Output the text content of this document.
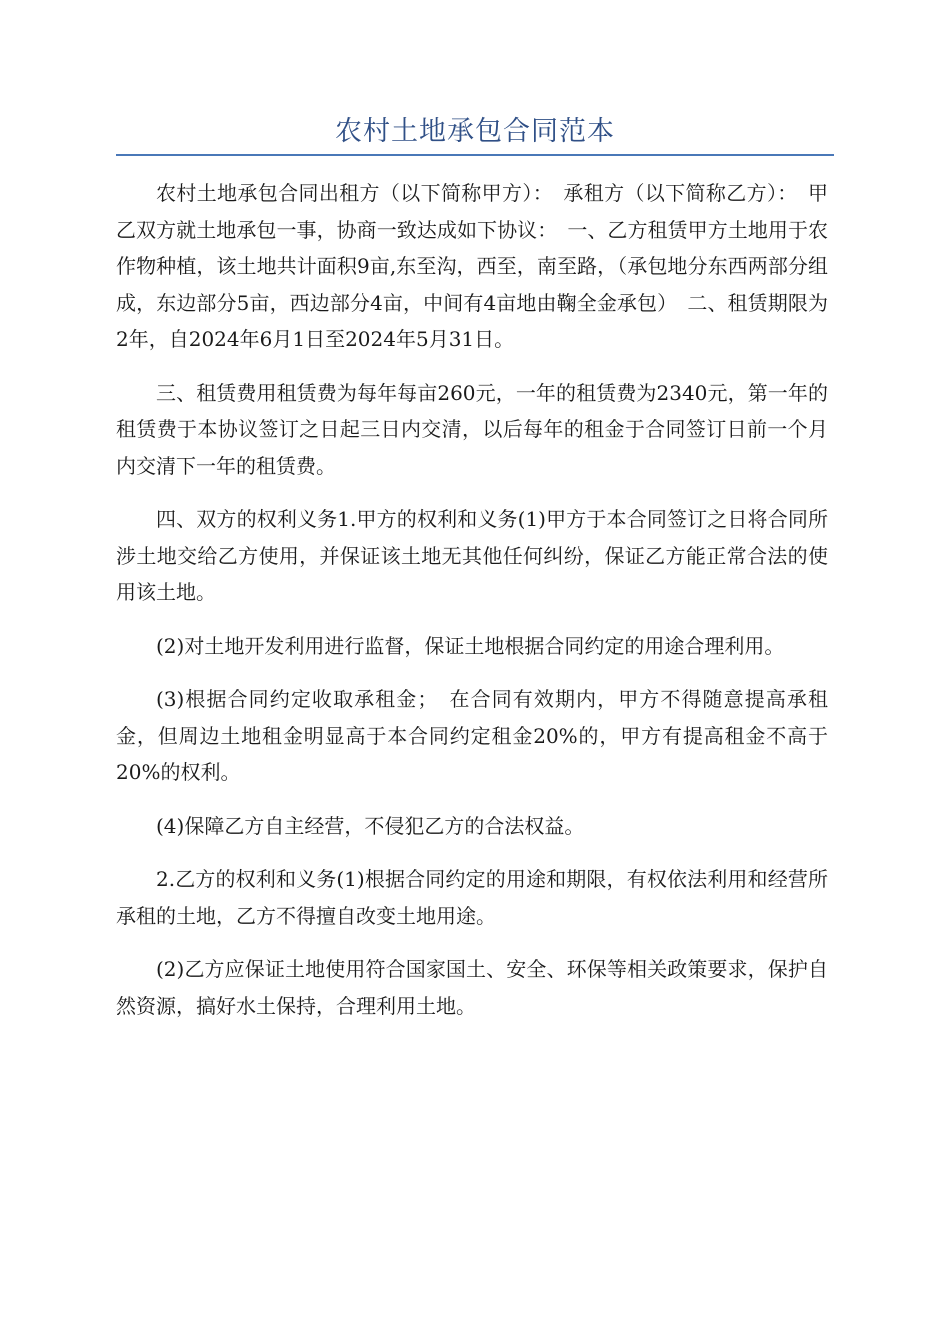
农村土地承包合同范本

农村土地承包合同出租方（以下简称甲方）：　承租方（以下简称乙方）：　甲乙双方就土地承包一事，协商一致达成如下协议：　一、乙方租赁甲方土地用于农作物种植，该土地共计面积9亩,东至沟，西至，南至路，（承包地分东西两部分组成，东边部分5亩，西边部分4亩，中间有4亩地由鞠全金承包）　二、租赁期限为2年，自2024年6月1日至2024年5月31日。

三、租赁费用租赁费为每年每亩260元，一年的租赁费为2340元，第一年的租赁费于本协议签订之日起三日内交清，以后每年的租金于合同签订日前一个月内交清下一年的租赁费。

四、双方的权利义务1.甲方的权利和义务(1)甲方于本合同签订之日将合同所涉土地交给乙方使用，并保证该土地无其他任何纠纷，保证乙方能正常合法的使用该土地。

(2)对土地开发利用进行监督，保证土地根据合同约定的用途合理利用。

(3)根据合同约定收取承租金；　在合同有效期内，甲方不得随意提高承租金，但周边土地租金明显高于本合同约定租金20%的，甲方有提高租金不高于20%的权利。

(4)保障乙方自主经营，不侵犯乙方的合法权益。

2.乙方的权利和义务(1)根据合同约定的用途和期限，有权依法利用和经营所承租的土地，乙方不得擅自改变土地用途。

(2)乙方应保证土地使用符合国家国土、安全、环保等相关政策要求，保护自然资源，搞好水土保持，合理利用土地。
